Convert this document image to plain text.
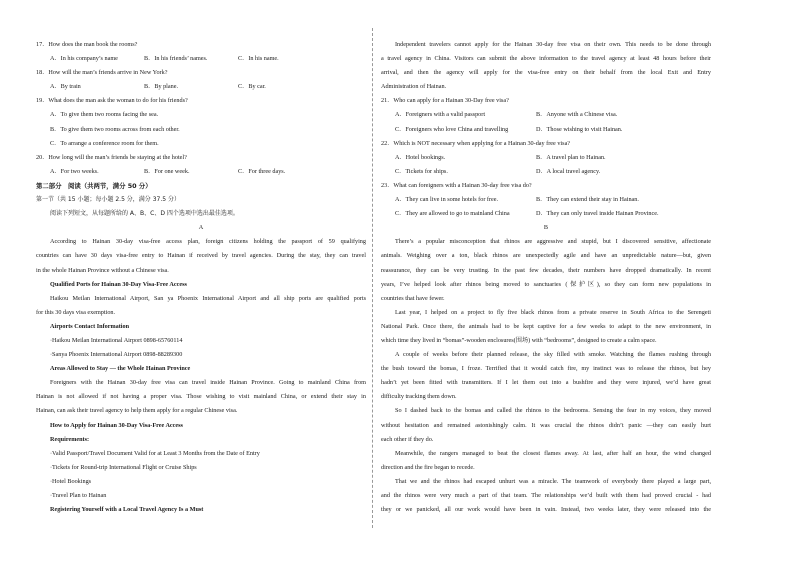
17．How does the man book the rooms?
A．In his company’s name	B．In his friends’ names.	C．In his name.
18．How will the man’s friends arrive in New York?
A．By train	B．By plane.	C．By car.
19．What does the man ask the woman to do for his friends?
A．To give them two rooms facing the sea.
B．To give them two rooms across from each other.
C．To arrange a conference room for them.
20．How long will the man’s friends be staying at the hotel?
A．For two weeks.	B．For one week.	C．For three days.
第二部分　阅读（共两节，满分 50 分）
第一节（共 15 小题；每小题 2.5 分，满分 37.5 分）
阅读下列短文，从每题所给的 A、B、C、D 四个选项中选出最佳选项。
A
According to Hainan 30-day visa-free access plan, foreign citizens holding the passport of 59 qualifying
countries can have 30 days visa-free entry to Hainan if received by travel agencies. During the stay, they can travel
in the whole Hainan Province without a Chinese visa.
Qualified Ports for Hainan 30-Day Visa-Free Access
Haikou Meilan International Airport, San ya Phoenix International Airport and all ship ports are qualified ports
for this 30 days visa exemption.
Airports Contact Information
·Haikou Meilan International Airport 0898-65760114
·Sanya Phoenix International Airport 0898-88289300
Areas Allowed to Stay — the Whole Hainan Province
Foreigners with the Hainan 30-day free visa can travel inside Hainan Province. Going to mainland China from
Hainan is not allowed if not having a proper visa. Those wishing to visit mainland China, or extend their stay in
Hainan, can ask their travel agency to help them apply for a regular Chinese visa.
How to Apply for Hainan 30-Day Visa-Free Access
Requirements:
·Valid Passport/Travel Document Valid for at Least 3 Months from the Date of Entry
·Tickets for Round-trip International Flight or Cruise Ships
·Hotel Bookings
·Travel Plan to Hainan
Registering Yourself with a Local Travel Agency Is a Must
Independent travelers cannot apply for the Hainan 30-day free visa on their own. This needs to be done through
a travel agency in China. Visitors can submit the above information to the travel agency at least 48 hours before their
arrival, and then the agency will apply for the visa-free entry on their behalf from the local Exit and Entry
Administration of Hainan.
21．Who can apply for a Hainan 30-Day free visa?
A．Foreigners with a valid passport	B．Anyone with a Chinese visa.
C．Foreigners who love China and travelling	D．Those wishing to visit Hainan.
22．Which is NOT necessary when applying for a Hainan 30-day free visa?
A．Hotel bookings.	B．A travel plan to Hainan.
C．Tickets for ships.	D．A local travel agency.
23．What can foreigners with a Hainan 30-day free visa do?
A．They can live in some hotels for free.	B．They can extend their stay in Hainan.
C．They are allowed to go to mainland China	D．They can only travel inside Hainan Province.
B
There’s a popular misconception that rhinos are aggressive and stupid, but I discovered sensitive, affectionate
animals. Weighing over a ton, black rhinos are unexpectedly agile and have an unpredictable nature—but, given
reassurance, they can be very trusting. In the past few decades, their numbers have dropped dramatically. In recent
years, I’ve helped look after rhinos being moved to sanctuaries (保护区), so they can form new populations in
countries that have fewer.
Last year, I helped on a project to fly five black rhinos from a private reserve in South Africa to the Serengeti
National Park. Once there, the animals had to be kept captive for a few weeks to adapt to the new environment, in
which time they lived in “bomas”-wooden enclosures(围场) with “bedrooms”, designed to create a calm space.
A couple of weeks before their planned release, the sky filled with smoke. Watching the flames rushing through
the bush toward the bomas, I froze. Terrified that it would catch fire, my instinct was to release the rhinos, but hey
hadn’t yet been fitted with transmitters. If I let them out into a bushfire and they were injured, we’d have great
difficulty tracking them down.
So I dashed back to the bomas and called the rhinos to the bedrooms. Sensing the fear in my voices, they moved
without hesitation and remained astonishingly calm. It was crucial the rhinos didn’t panic —they can easily hurt
each other if they do.
Meanwhile, the rangers managed to beat the closest flames away. At last, after half an hour, the wind changed
direction and the fire began to recede.
That we and the rhinos had escaped unhurt was a miracle. The teamwork of everybody there played a large part,
and the rhinos were very much a part of that team. The relationships we’d built with them had proved crucial - had
they or we panicked, all our work would have been in vain. Instead, two weeks later, they were released into the
